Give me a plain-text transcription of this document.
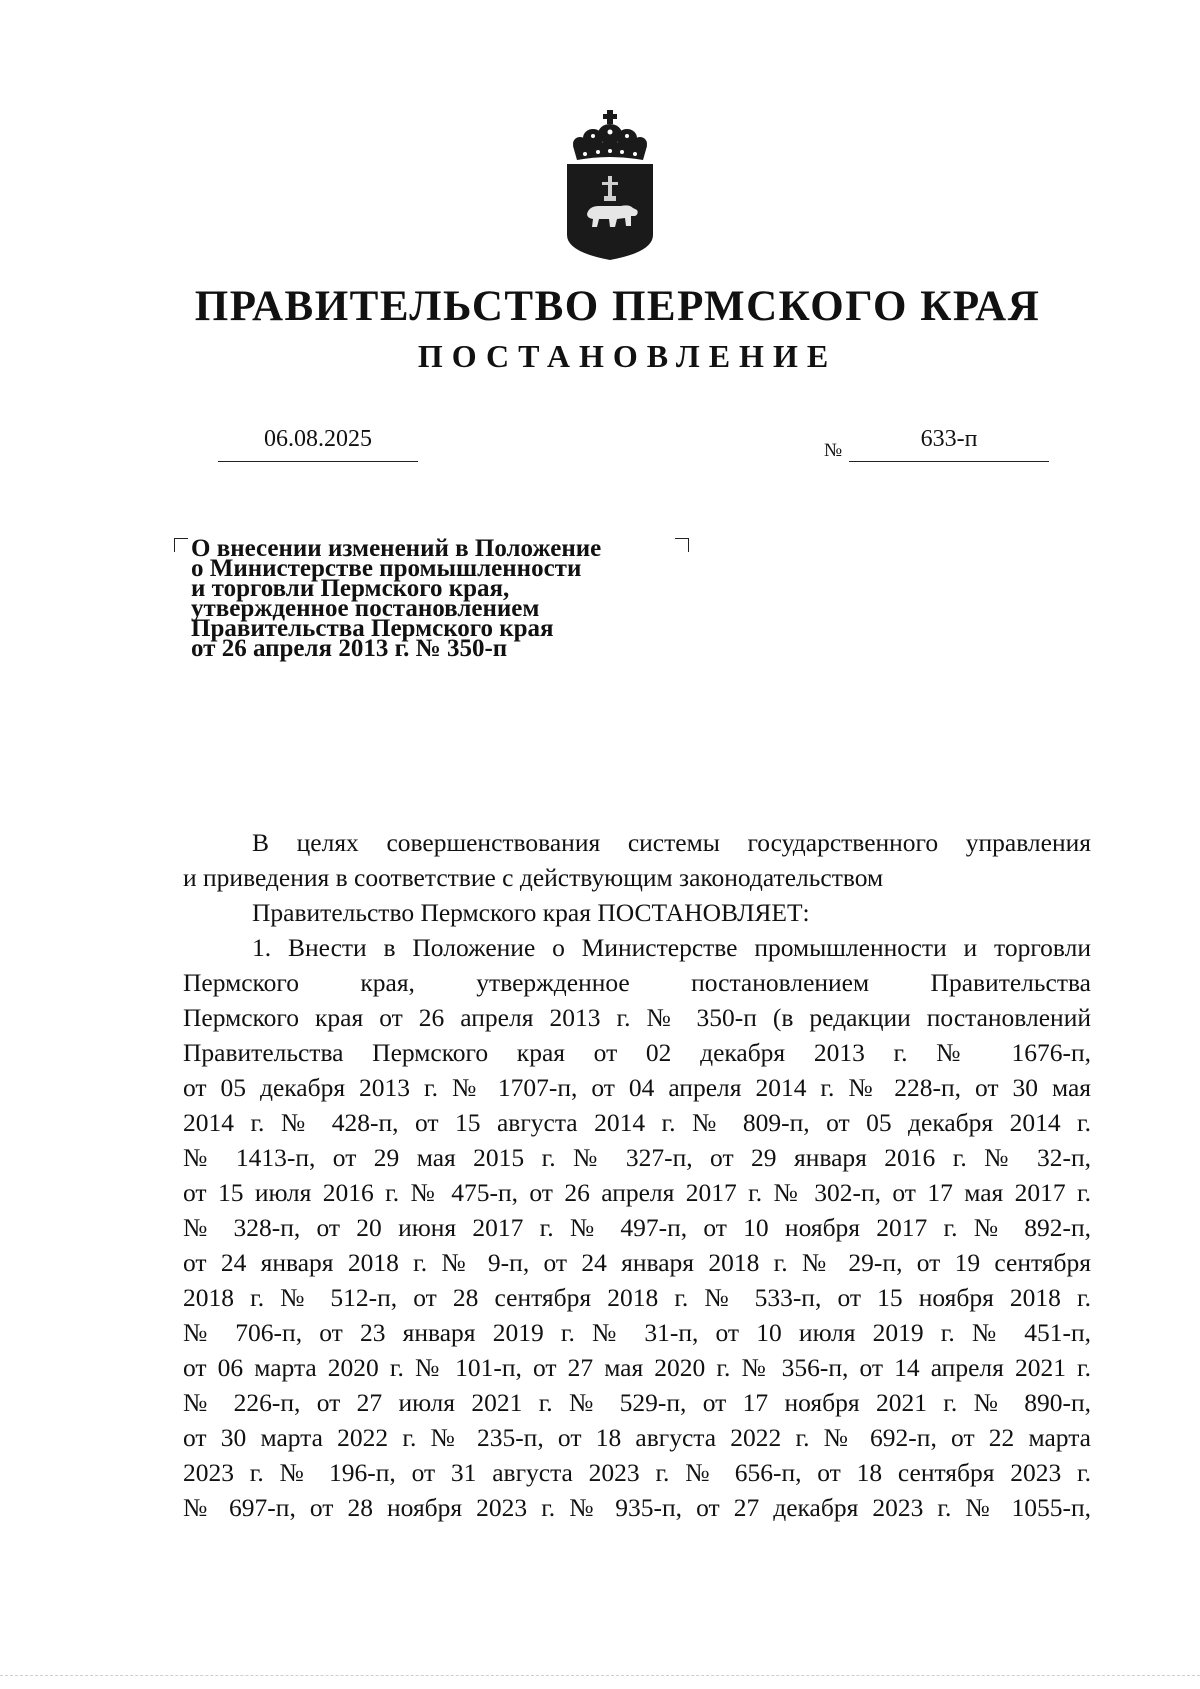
ПРАВИТЕЛЬСТВО ПЕРМСКОГО КРАЯ
ПОСТАНОВЛЕНИЕ
06.08.2025	№	633-п
О внесении изменений в Положение
о Министерстве промышленности
и торговли Пермского края,
утвержденное постановлением
Правительства Пермского края
от 26 апреля 2013 г. № 350-п
В целях совершенствования системы государственного управления
и приведения в соответствие с действующим законодательством
Правительство Пермского края ПОСТАНОВЛЯЕТ:
1. Внести в Положение о Министерстве промышленности и торговли
Пермского края, утвержденное постановлением Правительства
Пермского края от 26 апреля 2013 г. № 350-п (в редакции постановлений
Правительства Пермского края от 02 декабря 2013 г. № 1676-п,
от 05 декабря 2013 г. № 1707-п, от 04 апреля 2014 г. № 228-п, от 30 мая
2014 г. № 428-п, от 15 августа 2014 г. № 809-п, от 05 декабря 2014 г.
№ 1413-п, от 29 мая 2015 г. № 327-п, от 29 января 2016 г. № 32-п,
от 15 июля 2016 г. № 475-п, от 26 апреля 2017 г. № 302-п, от 17 мая 2017 г.
№ 328-п, от 20 июня 2017 г. № 497-п, от 10 ноября 2017 г. № 892-п,
от 24 января 2018 г. № 9-п, от 24 января 2018 г. № 29-п, от 19 сентября
2018 г. № 512-п, от 28 сентября 2018 г. № 533-п, от 15 ноября 2018 г.
№ 706-п, от 23 января 2019 г. № 31-п, от 10 июля 2019 г. № 451-п,
от 06 марта 2020 г. № 101-п, от 27 мая 2020 г. № 356-п, от 14 апреля 2021 г.
№ 226-п, от 27 июля 2021 г. № 529-п, от 17 ноября 2021 г. № 890-п,
от 30 марта 2022 г. № 235-п, от 18 августа 2022 г. № 692-п, от 22 марта
2023 г. № 196-п, от 31 августа 2023 г. № 656-п, от 18 сентября 2023 г.
№ 697-п, от 28 ноября 2023 г. № 935-п, от 27 декабря 2023 г. № 1055-п,
